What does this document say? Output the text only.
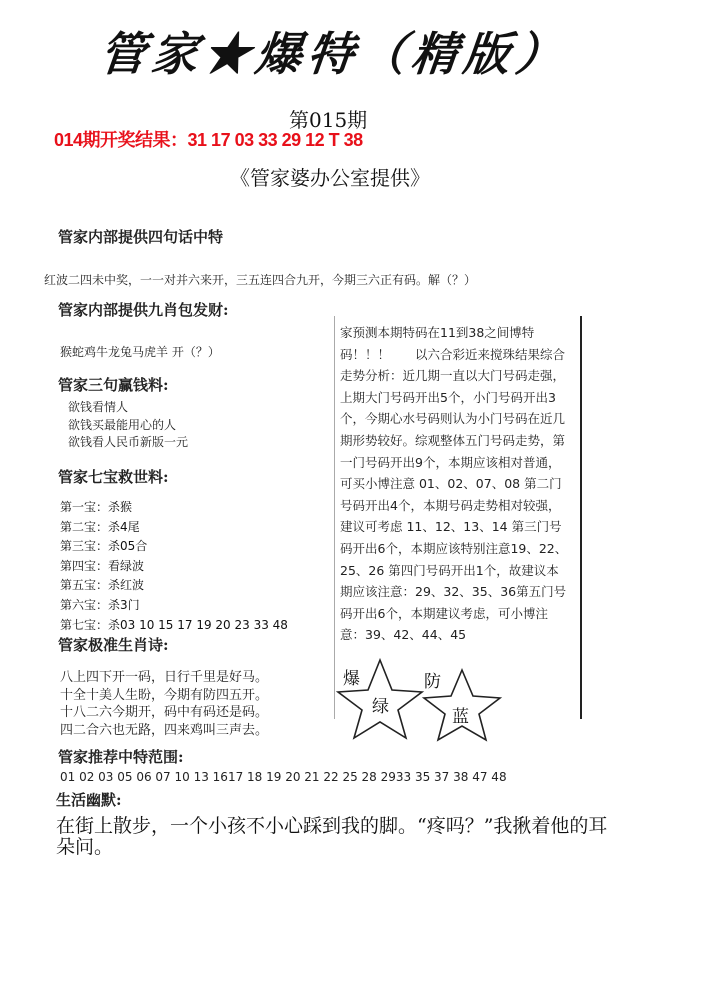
管家★爆特（精版）
第015期
014期开奖结果：31 17 03 33 29 12 T 38
《管家婆办公室提供》
管家内部提供四句话中特
红波二四未中奖，一一对并六来开，三五连四合九开，今期三六正有码。解（？）
管家内部提供九肖包发财:
猴蛇鸡牛龙兔马虎羊 开（？）
管家三句赢钱料:
欲钱看情人
欲钱买最能用心的人
欲钱看人民币新版一元
管家七宝救世料:
第一宝：杀猴
第二宝：杀4尾
第三宝：杀05合
第四宝：看绿波
第五宝：杀红波
第六宝：杀3门
第七宝：杀03 10 15 17 19 20 23 33 48
管家极准生肖诗:
八上四下开一码，日行千里是好马。
十全十美人生盼，今期有防四五开。
十八二六今期开，码中有码还是码。
四二合六也无路，四来鸡叫三声去。
管家推荐中特范围:
01 02 03 05 06 07 10 13 1617 18 19 20 21 22 25 28 2933 35 37 38 47 48
生活幽默:
在街上散步，一个小孩不小心踩到我的脚。“疼吗？”我揪着他的耳朵问。
家预测本期特码在11到38之间博特码！！！　　以六合彩近来搅珠结果综合走势分析：近几期一直以大门号码走强，上期大门号码开出5个，小门号码开出3个，今期心水号码则认为小门号码在近几期形势较好。综观整体五门号码走势，第一门号码开出9个，本期应该相对普通，可买小博注意 01、02、07、08 第二门号码开出4个，本期号码走势相对较强，建议可考虑 11、12、13、14 第三门号码开出6个，本期应该特别注意19、22、25、26 第四门号码开出1个，故建议本期应该注意：29、32、35、36第五门号码开出6个，本期建议考虑，可小博注意：39、42、44、45
爆	防
绿	蓝
